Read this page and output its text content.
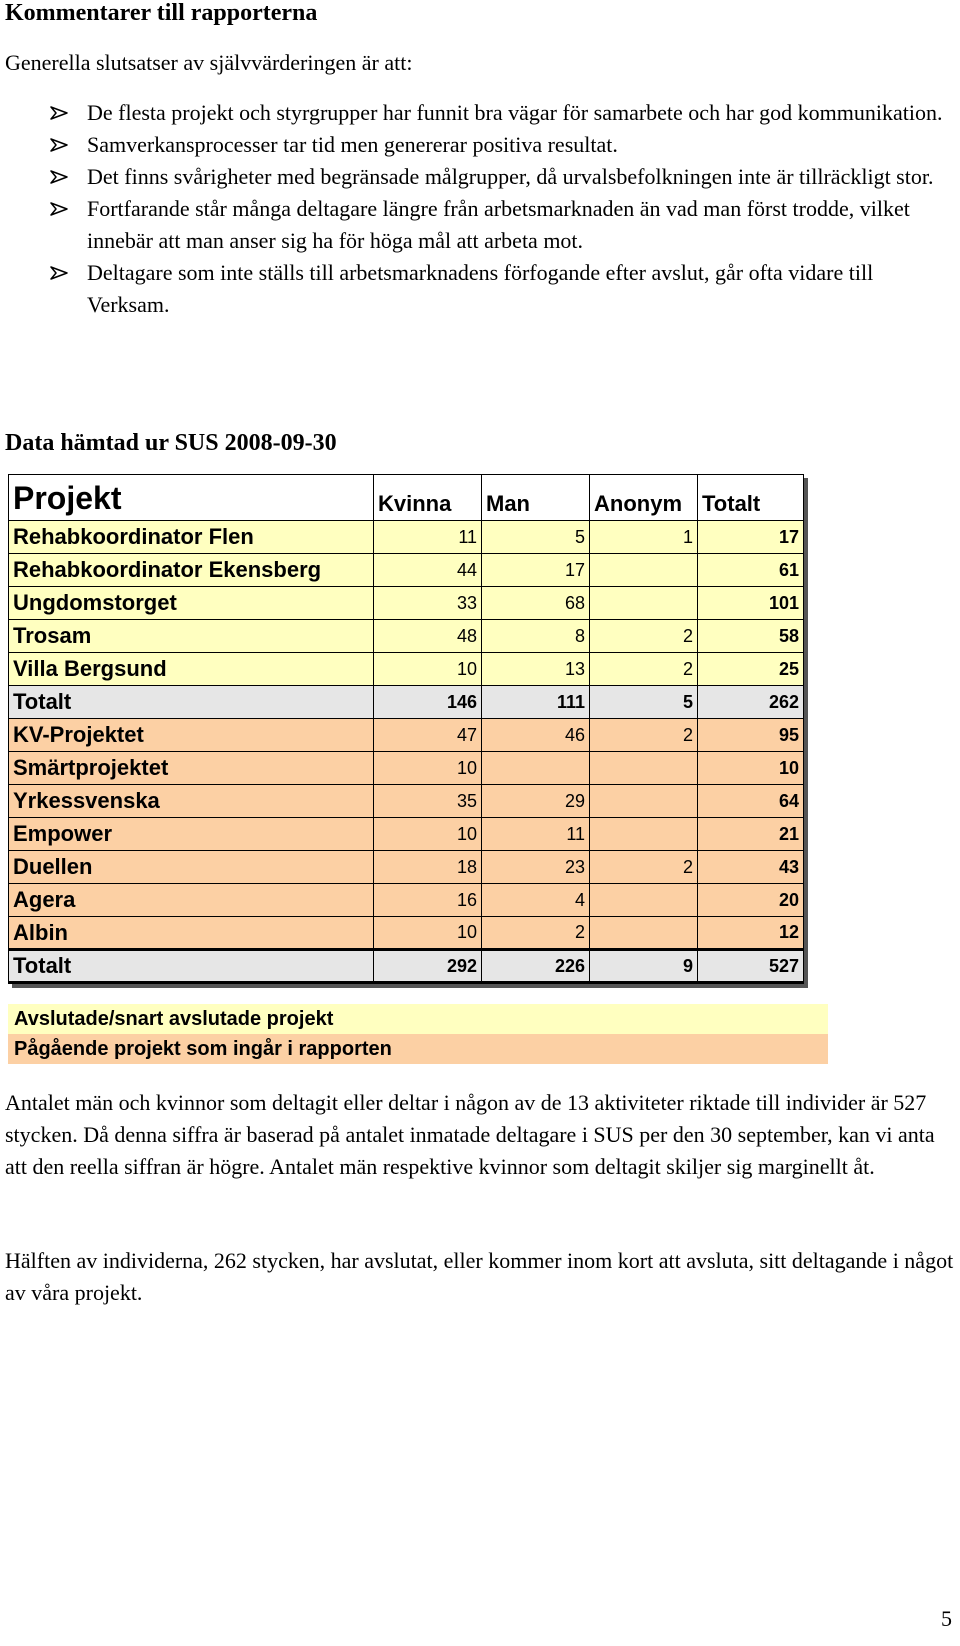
Kommentarer till rapporterna

Generella slutsatser av självvärderingen är att:

De flesta projekt och styrgrupper har funnit bra vägar för samarbete och har god kommunikation.
Samverkansprocesser tar tid men genererar positiva resultat.
Det finns svårigheter med begränsade målgrupper, då urvalsbefolkningen inte är tillräckligt stor.
Fortfarande står många deltagare längre från arbetsmarknaden än vad man först trodde, vilket innebär att man anser sig ha för höga mål att arbeta mot.
Deltagare som inte ställs till arbetsmarknadens förfogande efter avslut, går ofta vidare till Verksam.
Data hämtad ur SUS 2008-09-30
Projekt	Kvinna	Man	Anonym	Totalt
Rehabkoordinator Flen	11	5	1	17
Rehabkoordinator Ekensberg	44	17		61
Ungdomstorget	33	68		101
Trosam	48	8	2	58
Villa Bergsund	10	13	2	25
Totalt	146	111	5	262
KV-Projektet	47	46	2	95
Smärtprojektet	10			10
Yrkessvenska	35	29		64
Empower	10	11		21
Duellen	18	23	2	43
Agera	16	4		20
Albin	10	2		12
Totalt	292	226	9	527
Avslutade/snart avslutade projekt
Pågående projekt som ingår i rapporten

Antalet män och kvinnor som deltagit eller deltar i någon av de 13 aktiviteter riktade till individer är 527 stycken. Då denna siffra är baserad på antalet inmatade deltagare i SUS per den 30 september, kan vi anta att den reella siffran är högre. Antalet män respektive kvinnor som deltagit skiljer sig marginellt åt.

Hälften av individerna, 262 stycken, har avslutat, eller kommer inom kort att avsluta, sitt deltagande i något av våra projekt.

5
